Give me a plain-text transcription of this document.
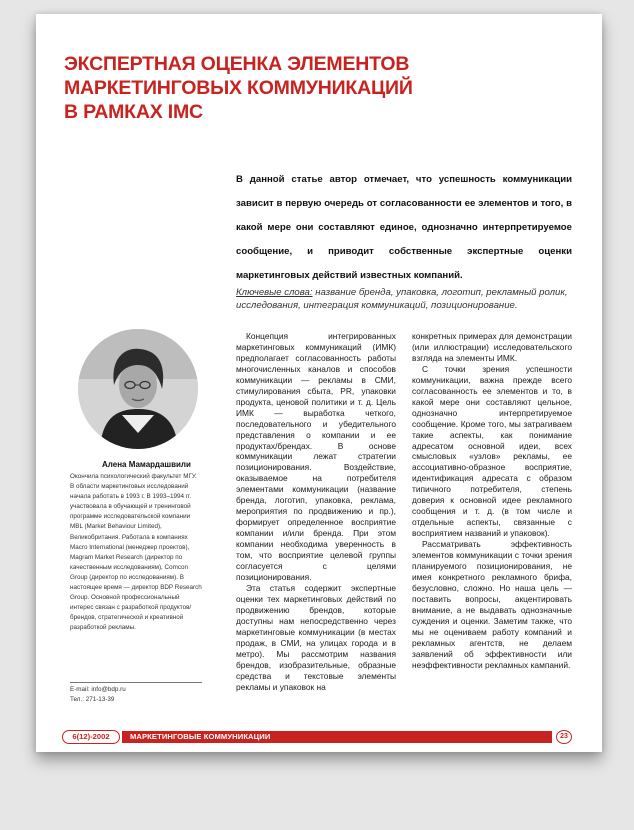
ЭКСПЕРТНАЯ ОЦЕНКА ЭЛЕМЕНТОВ
МАРКЕТИНГОВЫХ КОММУНИКАЦИЙ
В РАМКАХ IMC

В данной статье автор отмечает, что успешность коммуникации зависит в первую очередь от согласованности ее элементов и того, в какой мере они составляют единое, однозначно интерпретируемое сообщение, и приводит собственные экспертные оценки маркетинговых действий известных компаний.

Ключевые слова: название бренда, упаковка, логотип, рекламный ролик, исследования, интеграция коммуникаций, позиционирование.

Алена Мамардашвили

Окончила психологический факультет МГУ. В области маркетинговых исследований начала работать в 1993 г. В 1993–1994 гг. участвовала в обучающей и тренинговой программе исследовательской компании MBL (Market Behaviour Limited), Великобритания. Работала в компаниях Macro International (менеджер проектов), Magram Market Research (директор по качественным исследованиям), Comcon Group (директор по исследованиям). В настоящее время — директор BDP Research Group. Основной профессиональный интерес связан с разработкой продуктов/брендов, стратегической и креативной разработкой рекламы.

E-mail: info@bdp.ru
Тел.: 271-13-39

Концепция интегрированных маркетинговых коммуникаций (ИМК) предполагает согласованность работы многочисленных каналов и способов коммуникации — рекламы в СМИ, стимулирования сбыта, PR, упаковки продукта, ценовой политики и т. д. Цель ИМК — выработка четкого, последовательного и убедительного представления о компании и ее продуктах/брендах. В основе коммуникации лежат стратегии позиционирования. Воздействие, оказываемое на потребителя элементами коммуникации (название бренда, логотип, упаковка, реклама, мероприятия по продвижению и пр.), формирует определенное восприятие компании и/или бренда. При этом компании необходима уверенность в том, что восприятие целевой группы согласуется с целями позиционирования.

Эта статья содержит экспертные оценки тех маркетинговых действий по продвижению брендов, которые доступны нам непосредственно через маркетинговые коммуникации (в местах продаж, в СМИ, на улицах города и в метро). Мы рассмотрим названия брендов, изобразительные, образные средства и текстовые элементы рекламы и упаковок на

конкретных примерах для демонстрации (или иллюстрации) исследовательского взгляда на элементы ИМК.

С точки зрения успешности коммуникации, важна прежде всего согласованность ее элементов и то, в какой мере они составляют цельное, однозначно интерпретируемое сообщение. Кроме того, мы затрагиваем такие аспекты, как понимание адресатом основной идеи, всех смысловых «узлов» рекламы, ее ассоциативно-образное восприятие, идентификация адресата с образом типичного потребителя, степень доверия к основной идее рекламного сообщения и т. д. (в том числе и отдельные аспекты, связанные с восприятием названий и упаковок).

Рассматривать эффективность элементов коммуникации с точки зрения планируемого позиционирования, не имея конкретного рекламного брифа, безусловно, сложно. Но наша цель — поставить вопросы, акцентировать внимание, а не выдавать однозначные суждения и оценки. Заметим также, что мы не оцениваем работу компаний и рекламных агентств, не делаем заявлений об эффективности или неэффективности рекламных кампаний.

6(12)-2002	МАРКЕТИНГОВЫЕ КОММУНИКАЦИИ	23
